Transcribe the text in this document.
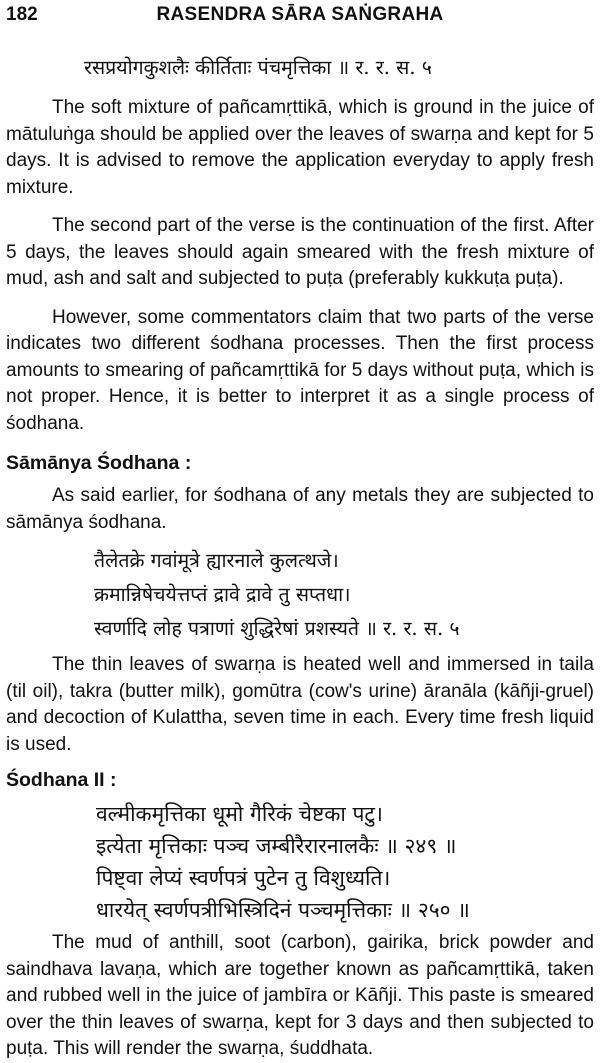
182	RASENDRA SĀRA SAṄGRAHA
रसप्रयोगकुशलैः कीर्तिताः पंचमृत्तिका ॥ र. र. स. ५

The soft mixture of pañcamṛttikā, which is ground in the juice of mātuluṅga should be applied over the leaves of swarṇa and kept for 5 days. It is advised to remove the application everyday to apply fresh mixture.

The second part of the verse is the continuation of the first. After 5 days, the leaves should again smeared with the fresh mixture of mud, ash and salt and subjected to puṭa (preferably kukkuṭa puṭa).

However, some commentators claim that two parts of the verse indicates two different śodhana processes. Then the first process amounts to smearing of pañcamṛttikā for 5 days without puṭa, which is not proper. Hence, it is better to interpret it as a single process of śodhana.

Sāmānya Śodhana :

As said earlier, for śodhana of any metals they are subjected to sāmānya śodhana.

तैलेतक्रे गवांमूत्रे ह्यारनाले कुलत्थजे।
क्रमान्निषेचयेत्तप्तं द्रावे द्रावे तु सप्तधा।
स्वर्णादि लोह पत्राणां शुद्धिरेषां प्रशस्यते ॥ र. र. स. ५

The thin leaves of swarṇa is heated well and immersed in taila (til oil), takra (butter milk), gomūtra (cow's urine) āranāla (kāñji-gruel) and decoction of Kulattha, seven time in each. Every time fresh liquid is used.

Śodhana II :

वल्मीकमृत्तिका धूमो गैरिकं चेष्टका पटु।
इत्येता मृत्तिकाः पञ्च जम्बीरैरारनालकैः ॥ २४९ ॥
पिष्ट्वा लेप्यं स्वर्णपत्रं पुटेन तु विशुध्यति।
धारयेत् स्वर्णपत्रीभिस्त्रिदिनं पञ्चमृत्तिकाः ॥ २५० ॥

The mud of anthill, soot (carbon), gairika, brick powder and saindhava lavaṇa, which are together known as pañcamṛttikā, taken and rubbed well in the juice of jambīra or Kāñji. This paste is smeared over the thin leaves of swarṇa, kept for 3 days and then subjected to puṭa. This will render the swarṇa, śuddhata.
